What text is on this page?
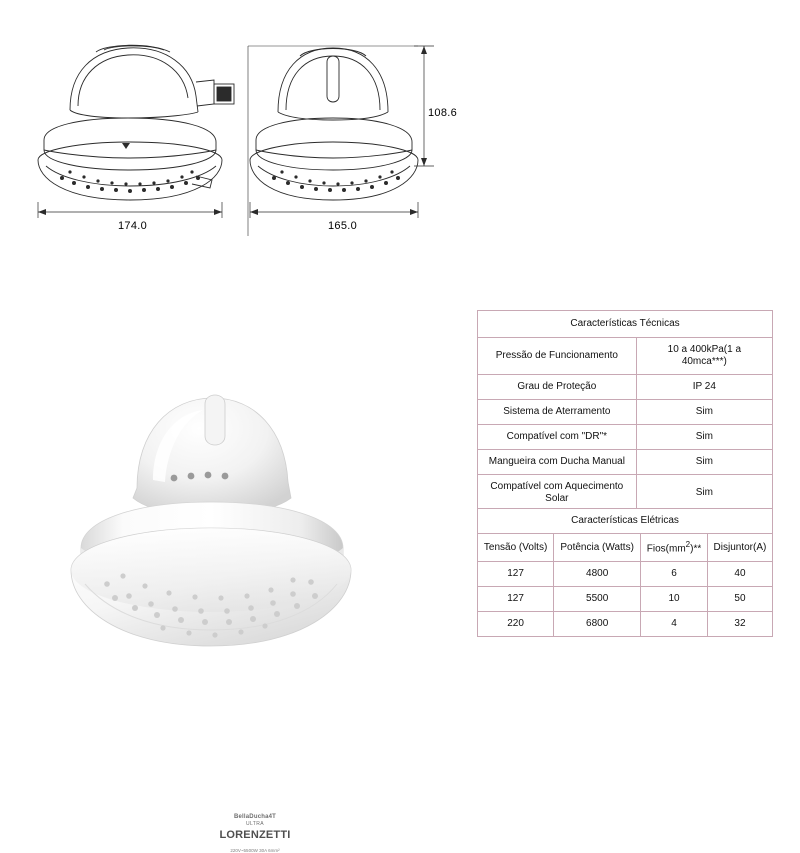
174.0	165.0
108.6
BellaDucha4T
ULTRA
LORENZETTI
220V~5500W 30A 6mm²
Características Técnicas	
Pressão de Funcionamento	10 a 400kPa(1 a 40mca***)
Grau de Proteção	IP 24
Sistema de Aterramento	Sim
Compatível com "DR"*	Sim
Mangueira com Ducha Manual	Sim
Compatível com Aquecimento Solar	Sim

Características Elétricas			
Tensão (Volts)	Potência (Watts)	$Fios(mm^2)**$	Disjuntor(A)
127	4800	6	40
127	5500	10	50
220	6800	4	32
